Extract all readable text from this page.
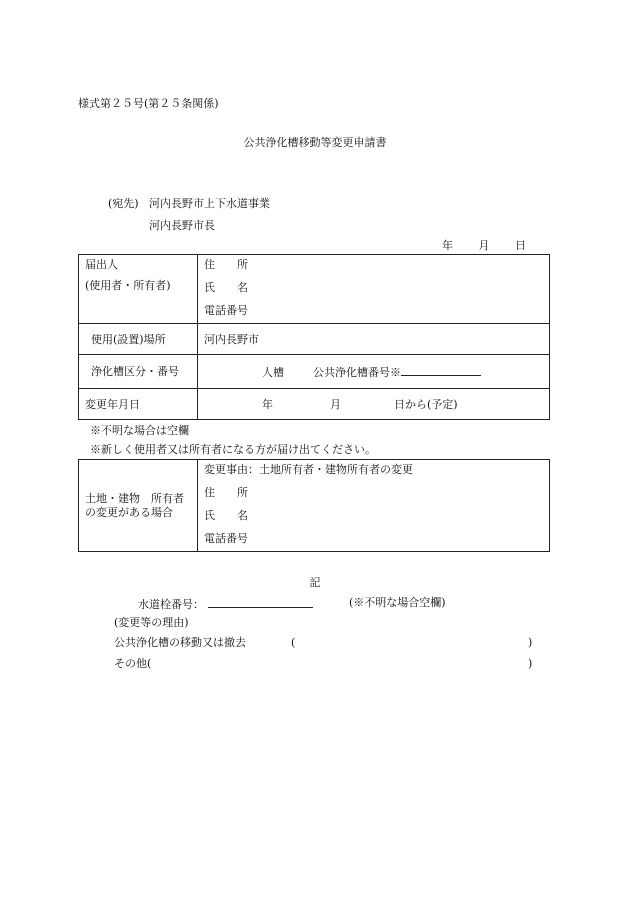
様式第２５号(第２５条関係)
公共浄化槽移動等変更申請書
(宛先) 河内長野市上下水道事業
河内長野市長
年 月 日
届出人
(使用者・所有者)	住 所
氏 名
電話番号

使用(設置)場所	河内長野市

浄化槽区分・番号	人槽 公共浄化槽番号※

変更年月日	年 月 日から(予定)
※不明な場合は空欄
※新しく使用者又は所有者になる方が届け出てください。
土地・建物　所有者
の変更がある場合

変更事由：土地所有者・建物所有者の変更
住 所
氏 名
電話番号
記
水道栓番号：	(※不明な場合空欄)
(変更等の理由)
公共浄化槽の移動又は撤去	(	)
その他(	)
